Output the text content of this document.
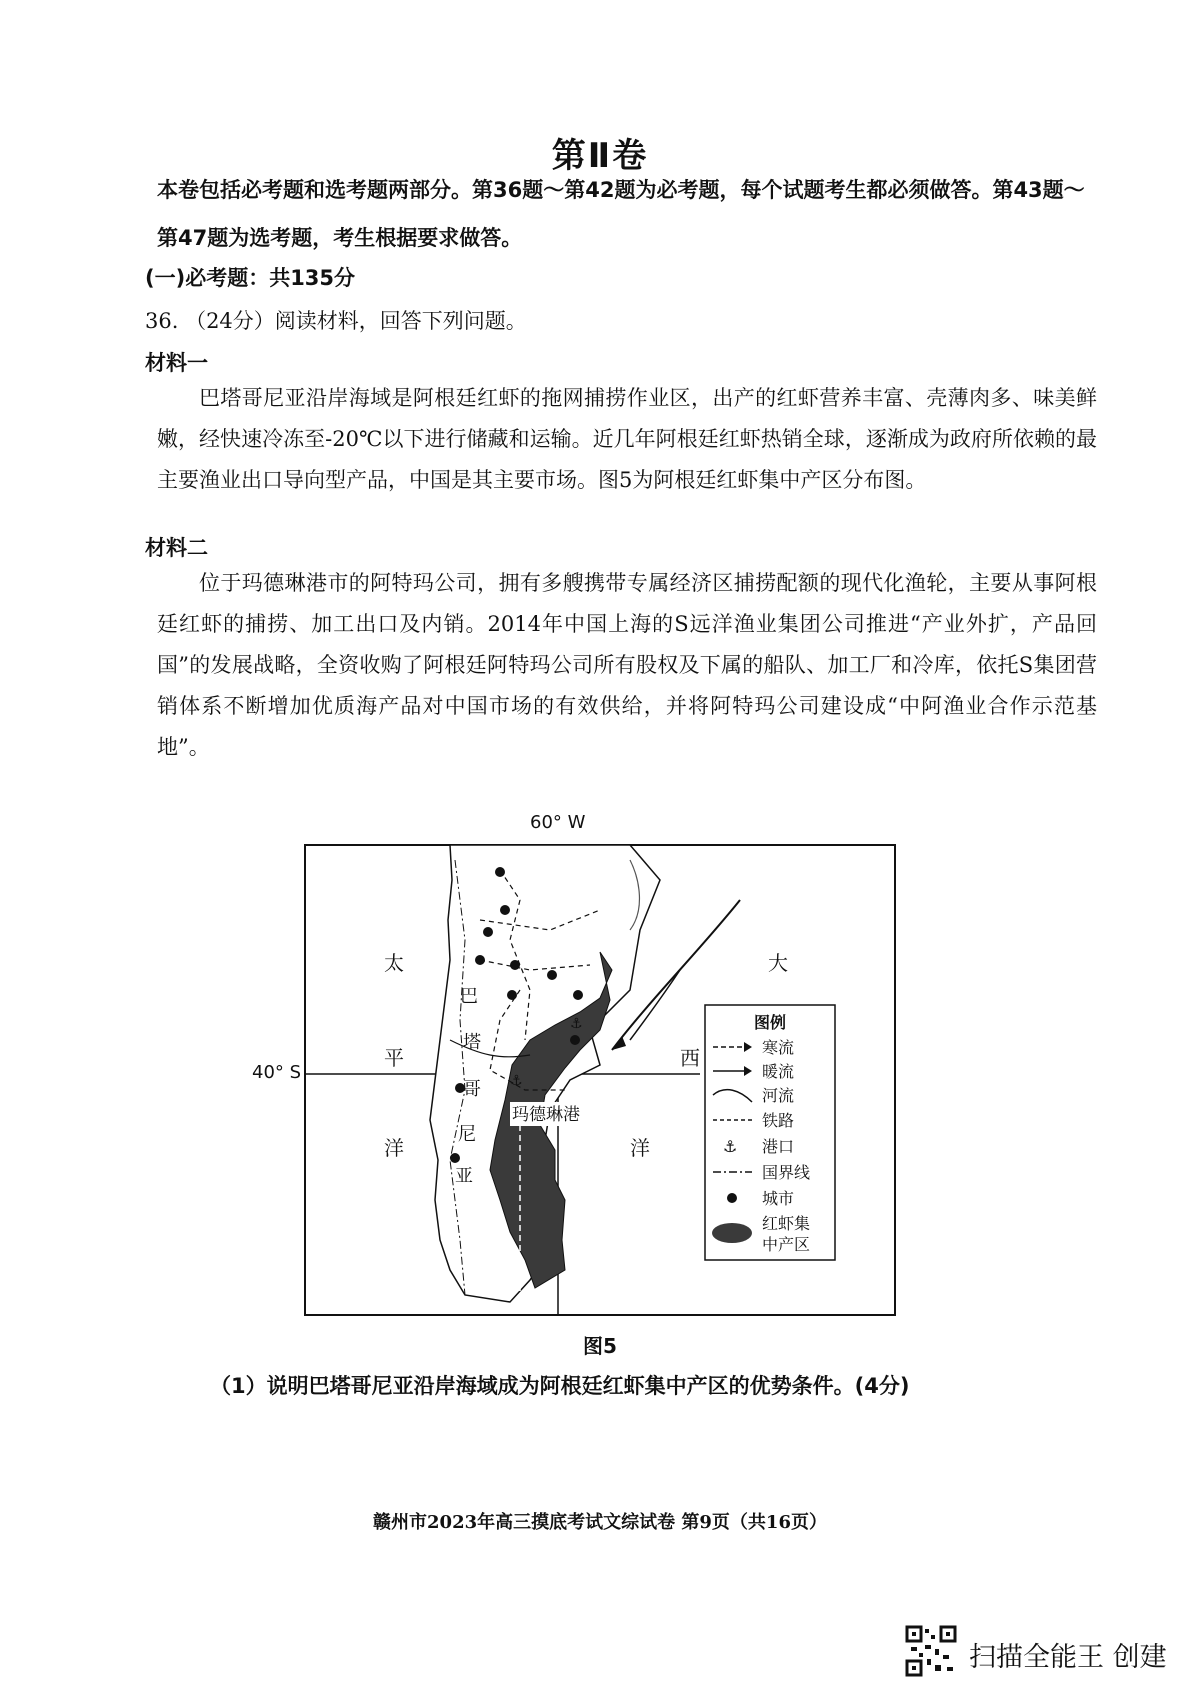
第Ⅱ卷
本卷包括必考题和选考题两部分。第36题～第42题为必考题，每个试题考生都必须做答。第43题～第47题为选考题，考生根据要求做答。
(一)必考题：共135分
36. （24分）阅读材料，回答下列问题。
材料一
巴塔哥尼亚沿岸海域是阿根廷红虾的拖网捕捞作业区，出产的红虾营养丰富、壳薄肉多、味美鲜嫩，经快速冷冻至-20℃以下进行储藏和运输。近几年阿根廷红虾热销全球，逐渐成为政府所依赖的最主要渔业出口导向型产品，中国是其主要市场。图5为阿根廷红虾集中产区分布图。
材料二
位于玛德琳港市的阿特玛公司，拥有多艘携带专属经济区捕捞配额的现代化渔轮，主要从事阿根廷红虾的捕捞、加工出口及内销。2014年中国上海的S远洋渔业集团公司推进“产业外扩，产品回国”的发展战略，全资收购了阿根廷阿特玛公司所有股权及下属的船队、加工厂和冷库，依托S集团营销体系不断增加优质海产品对中国市场的有效供给，并将阿特玛公司建设成“中阿渔业合作示范基地”。
⚓
⚓
太
平
洋
大
西
洋
巴
塔
哥
尼
亚
玛德琳港
图例
寒流
暖流
河流
铁路
⚓ 港口
国界线
城市
红虾集
中产区
40° S
60° W
图5
（1）说明巴塔哥尼亚沿岸海域成为阿根廷红虾集中产区的优势条件。(4分)
赣州市2023年高三摸底考试文综试卷 第9页（共16页）
扫描全能王 创建
